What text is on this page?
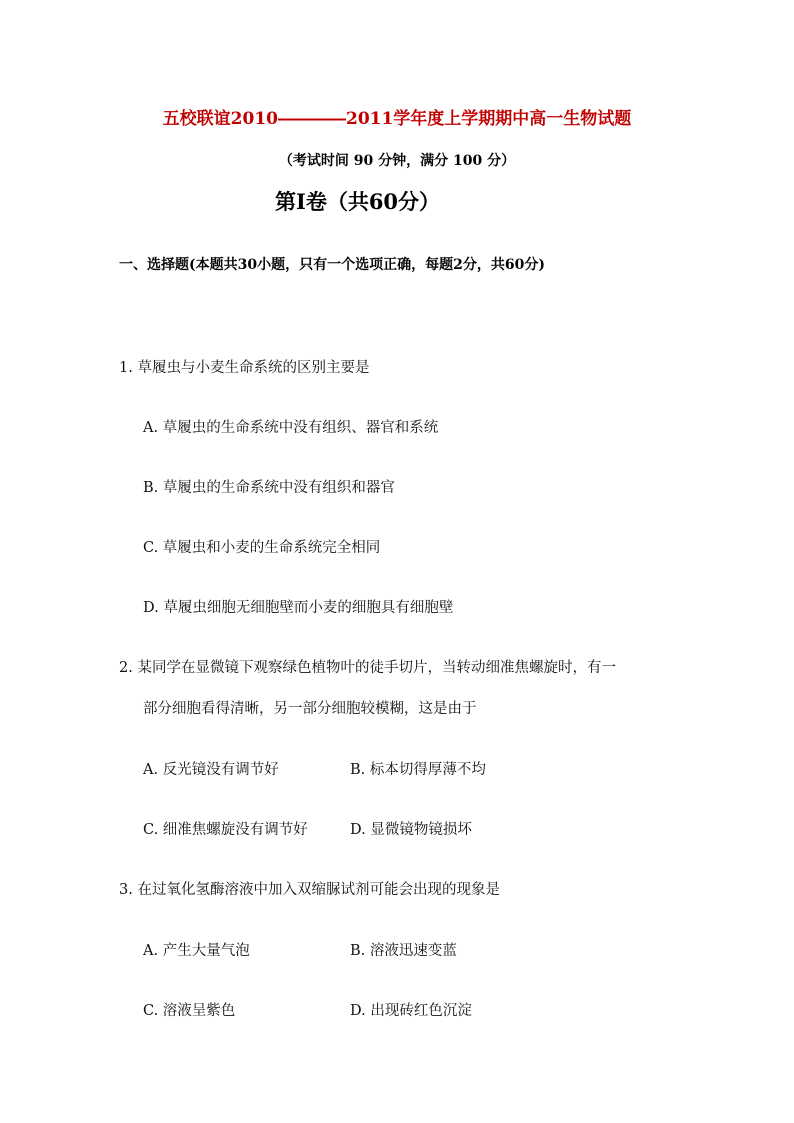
五校联谊2010――――2011学年度上学期期中高一生物试题
（考试时间 90 分钟，满分 100 分）
第Ⅰ卷（共60分）
一、选择题(本题共30小题，只有一个选项正确，每题2分，共60分)
1. 草履虫与小麦生命系统的区别主要是
A. 草履虫的生命系统中没有组织、器官和系统
B. 草履虫的生命系统中没有组织和器官
C. 草履虫和小麦的生命系统完全相同
D. 草履虫细胞无细胞壁而小麦的细胞具有细胞壁
2. 某同学在显微镜下观察绿色植物叶的徒手切片，当转动细准焦螺旋时，有一
部分细胞看得清晰，另一部分细胞较模糊，这是由于
A. 反光镜没有调节好	B. 标本切得厚薄不均
C. 细准焦螺旋没有调节好	D. 显微镜物镜损坏
3. 在过氧化氢酶溶液中加入双缩脲试剂可能会出现的现象是
A. 产生大量气泡	B. 溶液迅速变蓝
C. 溶液呈紫色	D. 出现砖红色沉淀
